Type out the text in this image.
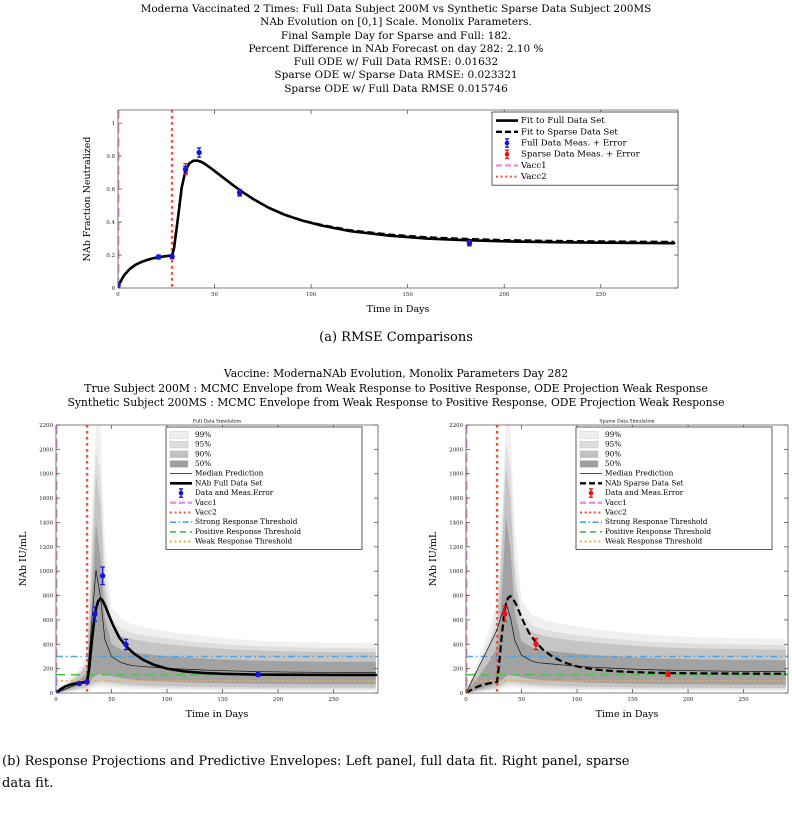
Moderna Vaccinated 2 Times: Full Data Subject 200M vs Synthetic Sparse Data Subject 200MS
NAb Evolution on [0,1] Scale. Monolix Parameters.
Final Sample Day for Sparse and Full: 182.
Percent Difference in NAb Forecast on day 282: 2.10 %
Full ODE w/ Full Data RMSE: 0.01632
Sparse ODE w/ Sparse Data RMSE: 0.023321
Sparse ODE w/ Full Data RMSE 0.015746
0	50	100	150	200	250
0
0.2
0.4
0.6
0.8
1
Time in Days
NAb Fraction Neutralized
Fit to Full Data Set
Fit to Sparse Data Set
Full Data Meas. + Error
Sparse Data Meas. + Error
Vacc1
Vacc2
(a) RMSE Comparisons
Vaccine: ModernaNAb Evolution, Monolix Parameters Day 282
True Subject 200M : MCMC Envelope from Weak Response to Positive Response, ODE Projection Weak Response
Synthetic Subject 200MS : MCMC Envelope from Weak Response to Positive Response, ODE Projection Weak Response
0	50	100	150	200	250
0
200
400
600
800
1000
1200
1400
1600
1800
2000
2200
Time in Days
NAb IU/mL
Full Data Simulation
99%
95%
90%
50%
Median Prediction
NAb Full Data Set
Data and Meas.Error
Vacc1
Vacc2
Strong Response Threshold
Positive Response Threshold
Weak Response Threshold
0	50	100	150	200	250
0
200
400
600
800
1000
1200
1400
1600
1800
2000
2200
Time in Days
NAb IU/mL
Sparse Data Simulation
99%
95%
90%
50%
Median Prediction
NAb Sparse Data Set
Data and Meas.Error
Vacc1
Vacc2
Strong Response Threshold
Positive Response Threshold
Weak Response Threshold
(b) Response Projections and Predictive Envelopes: Left panel, full data fit. Right panel, sparse
data fit.
